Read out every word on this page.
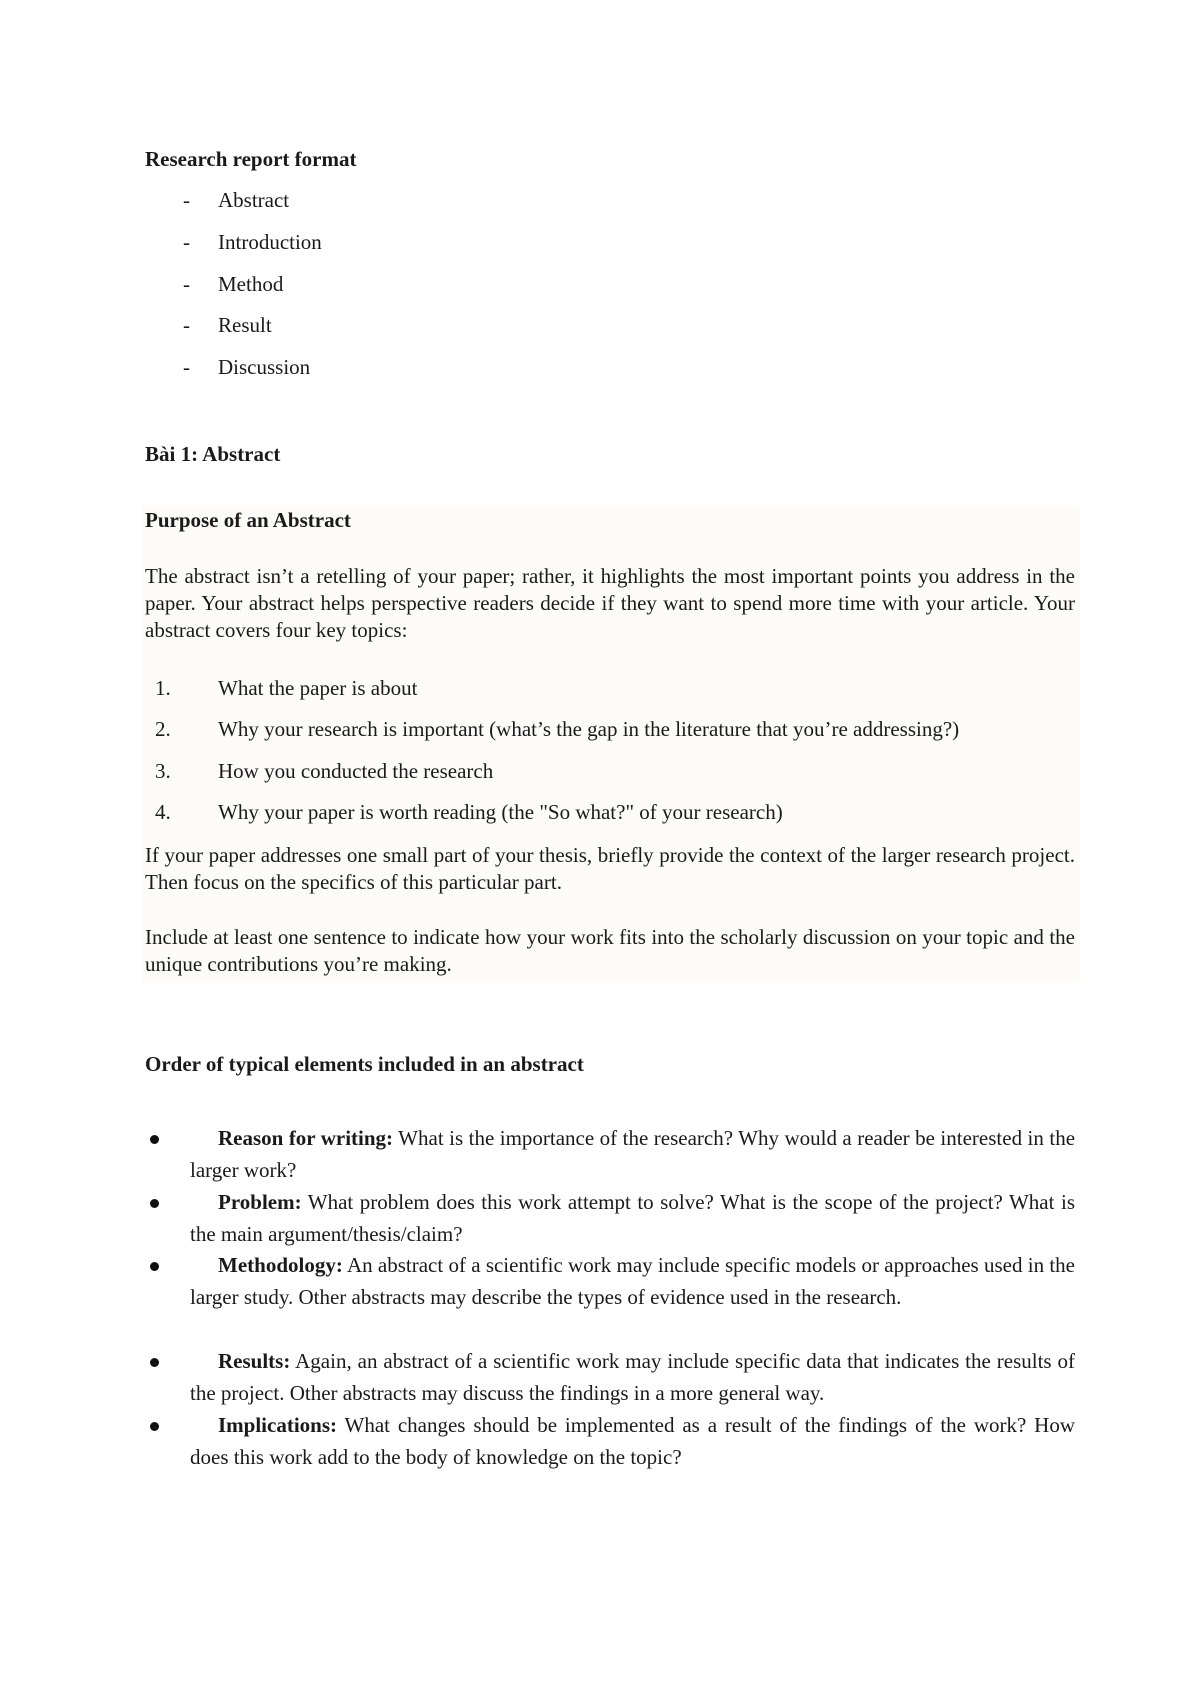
Research report format
- Abstract
- Introduction
- Method
- Result
- Discussion
Bài 1: Abstract
Purpose of an Abstract
The abstract isn’t a retelling of your paper; rather, it highlights the most important points you address in the paper. Your abstract helps perspective readers decide if they want to spend more time with your article. Your abstract covers four key topics:
1. What the paper is about
2. Why your research is important (what’s the gap in the literature that you’re addressing?)
3. How you conducted the research
4. Why your paper is worth reading (the "So what?" of your research)
If your paper addresses one small part of your thesis, briefly provide the context of the larger research project. Then focus on the specifics of this particular part.
Include at least one sentence to indicate how your work fits into the scholarly discussion on your topic and the unique contributions you’re making.
Order of typical elements included in an abstract
Reason for writing: What is the importance of the research? Why would a reader be interested in the larger work?
Problem: What problem does this work attempt to solve? What is the scope of the project? What is the main argument/thesis/claim?
Methodology: An abstract of a scientific work may include specific models or approaches used in the larger study. Other abstracts may describe the types of evidence used in the research.
Results: Again, an abstract of a scientific work may include specific data that indicates the results of the project. Other abstracts may discuss the findings in a more general way.
Implications: What changes should be implemented as a result of the findings of the work? How does this work add to the body of knowledge on the topic?
